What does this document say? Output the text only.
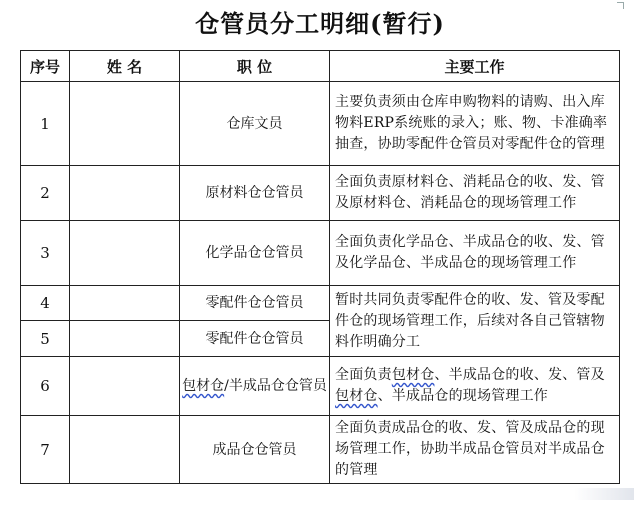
仓管员分工明细(暂行)
序号	姓 名	职 位	主要工作
1		仓库文员	主要负责须由仓库申购物料的请购、出入库物料ERP系统账的录入；账、物、卡准确率抽查，协助零配件仓管员对零配件仓的管理
2		原材料仓仓管员	全面负责原材料仓、消耗品仓的收、发、管及原材料仓、消耗品仓的现场管理工作
3		化学品仓仓管员	全面负责化学品仓、半成品仓的收、发、管及化学品仓、半成品仓的现场管理工作
4		零配件仓仓管员	暂时共同负责零配件仓的收、发、管及零配件仓的现场管理工作，后续对各自己管辖物料作明确分工
5		零配件仓仓管员	
6		包材仓/半成品仓仓管员	全面负责包材仓、半成品仓的收、发、管及包材仓、半成品仓的现场管理工作
7		成品仓仓管员	全面负责成品仓的收、发、管及成品仓的现场管理工作，协助半成品仓管员对半成品仓的管理
